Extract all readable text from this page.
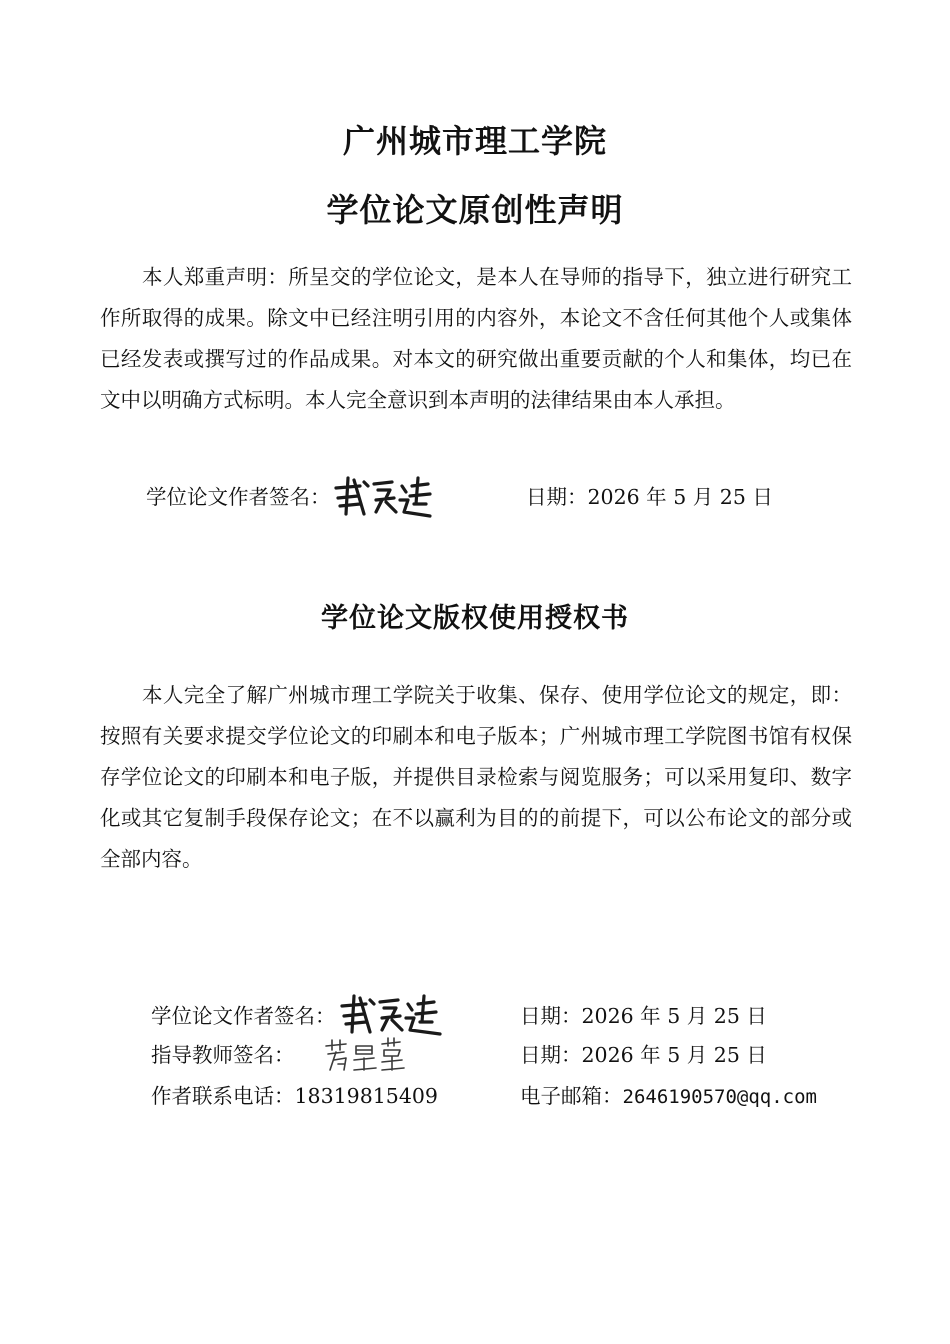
广州城市理工学院
学位论文原创性声明

本人郑重声明：所呈交的学位论文，是本人在导师的指导下，独立进行研究工作所取得的成果。除文中已经注明引用的内容外，本论文不含任何其他个人或集体已经发表或撰写过的作品成果。对本文的研究做出重要贡献的个人和集体，均已在文中以明确方式标明。本人完全意识到本声明的法律结果由本人承担。

学位论文作者签名：	日期：2026 年 5 月 25 日
学位论文版权使用授权书

本人完全了解广州城市理工学院关于收集、保存、使用学位论文的规定，即：按照有关要求提交学位论文的印刷本和电子版本；广州城市理工学院图书馆有权保存学位论文的印刷本和电子版，并提供目录检索与阅览服务；可以采用复印、数字化或其它复制手段保存论文；在不以赢利为目的的前提下，可以公布论文的部分或全部内容。

学位论文作者签名：	日期：2026 年 5 月 25 日
指导教师签名：	日期：2026 年 5 月 25 日
作者联系电话：18319815409	电子邮箱：2646190570@qq.com
